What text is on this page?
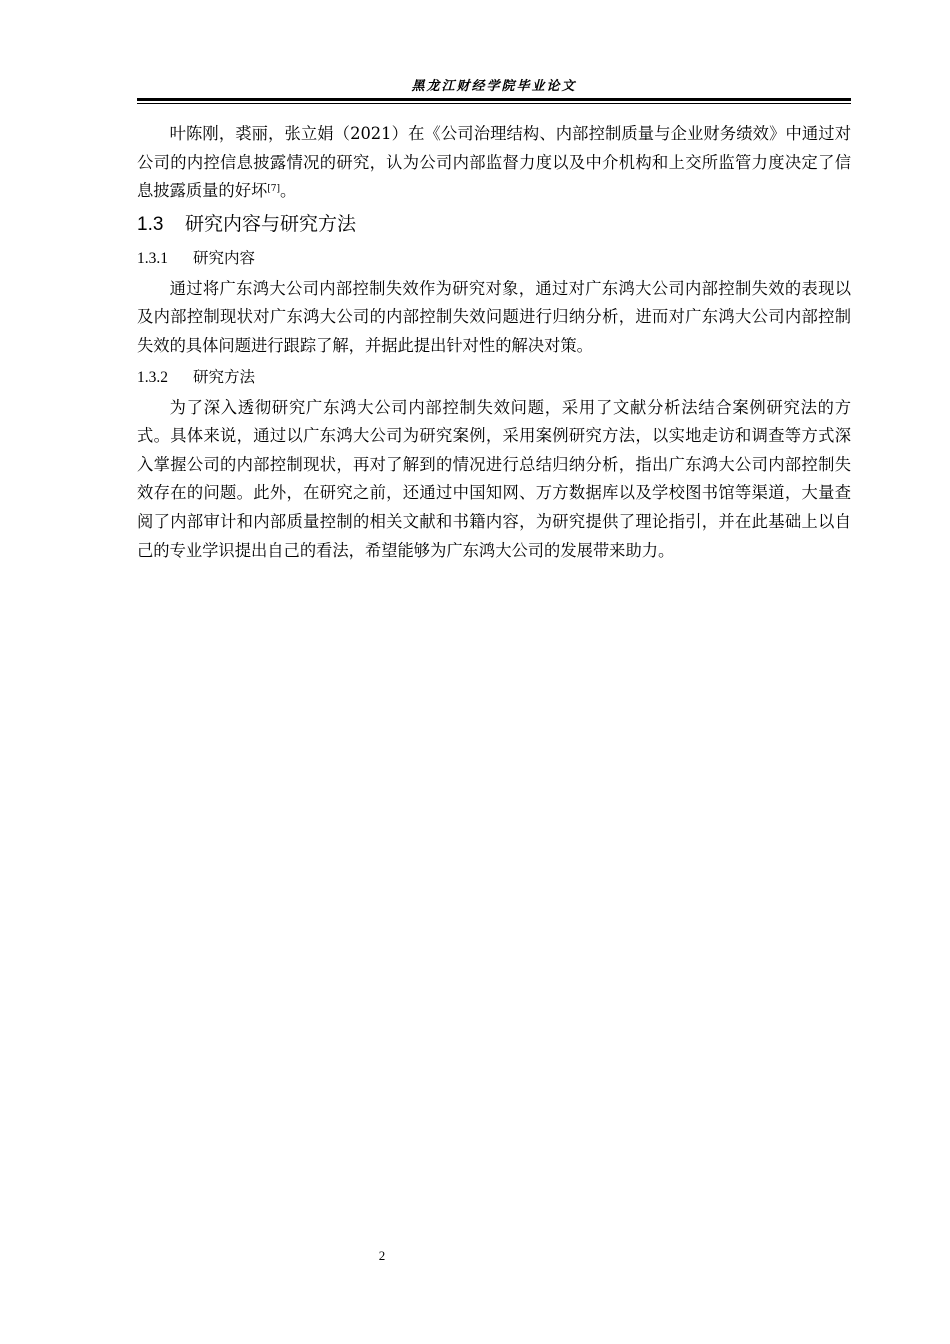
黑龙江财经学院毕业论文

叶陈刚，裘丽，张立娟（2021）在《公司治理结构、内部控制质量与企业财务绩效》中通过对公司的内控信息披露情况的研究，认为公司内部监督力度以及中介机构和上交所监管力度决定了信息披露质量的好坏[7]。

1.3 研究内容与研究方法
1.3.1 研究内容

通过将广东鸿大公司内部控制失效作为研究对象，通过对广东鸿大公司内部控制失效的表现以及内部控制现状对广东鸿大公司的内部控制失效问题进行归纳分析，进而对广东鸿大公司内部控制失效的具体问题进行跟踪了解，并据此提出针对性的解决对策。

1.3.2 研究方法

为了深入透彻研究广东鸿大公司内部控制失效问题，采用了文献分析法结合案例研究法的方式。具体来说，通过以广东鸿大公司为研究案例，采用案例研究方法，以实地走访和调查等方式深入掌握公司的内部控制现状，再对了解到的情况进行总结归纳分析，指出广东鸿大公司内部控制失效存在的问题。此外，在研究之前，还通过中国知网、万方数据库以及学校图书馆等渠道，大量查阅了内部审计和内部质量控制的相关文献和书籍内容，为研究提供了理论指引，并在此基础上以自己的专业学识提出自己的看法，希望能够为广东鸿大公司的发展带来助力。

2
